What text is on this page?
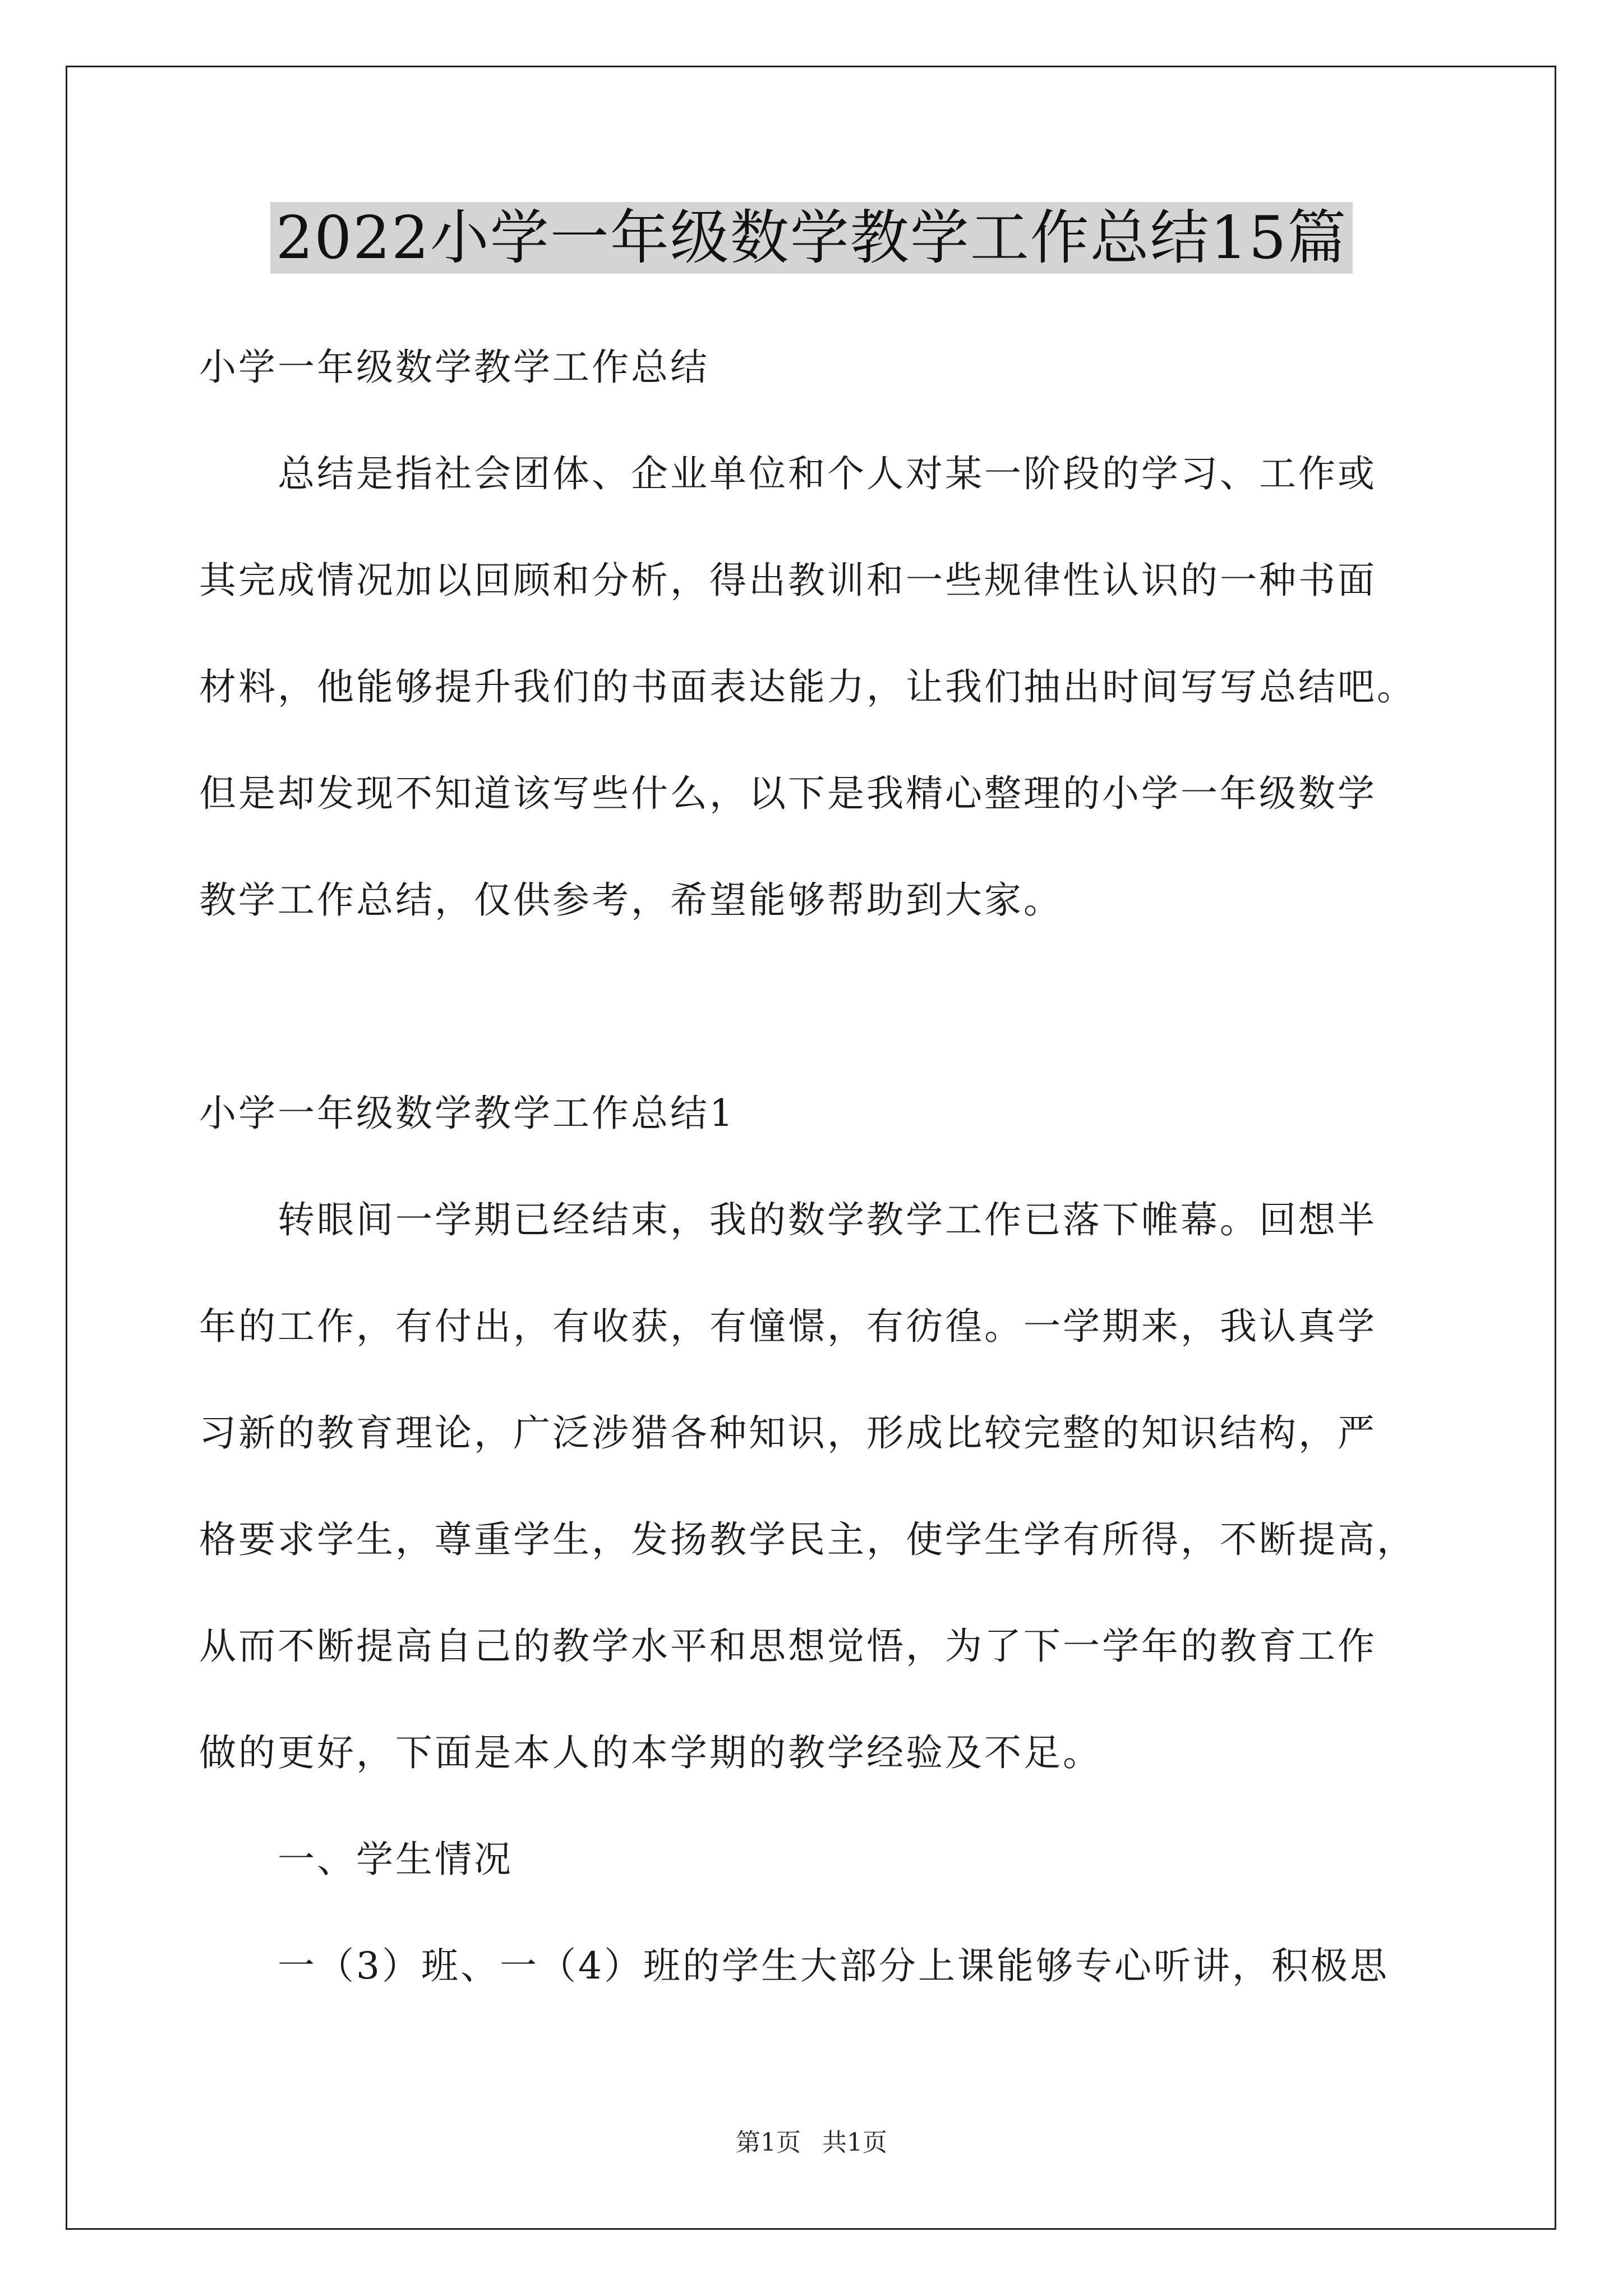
2022小学一年级数学教学工作总结15篇
小学一年级数学教学工作总结
总结是指社会团体、企业单位和个人对某一阶段的学习、工作或
其完成情况加以回顾和分析，得出教训和一些规律性认识的一种书面
材料，他能够提升我们的书面表达能力，让我们抽出时间写写总结吧。
但是却发现不知道该写些什么，以下是我精心整理的小学一年级数学
教学工作总结，仅供参考，希望能够帮助到大家。
小学一年级数学教学工作总结1
转眼间一学期已经结束，我的数学教学工作已落下帷幕。回想半
年的工作，有付出，有收获，有憧憬，有彷徨。一学期来，我认真学
习新的教育理论，广泛涉猎各种知识，形成比较完整的知识结构，严
格要求学生，尊重学生，发扬教学民主，使学生学有所得，不断提高，
从而不断提高自己的教学水平和思想觉悟，为了下一学年的教育工作
做的更好，下面是本人的本学期的教学经验及不足。
一、学生情况
一（3）班、一（4）班的学生大部分上课能够专心听讲，积极思
第1页 共1页
